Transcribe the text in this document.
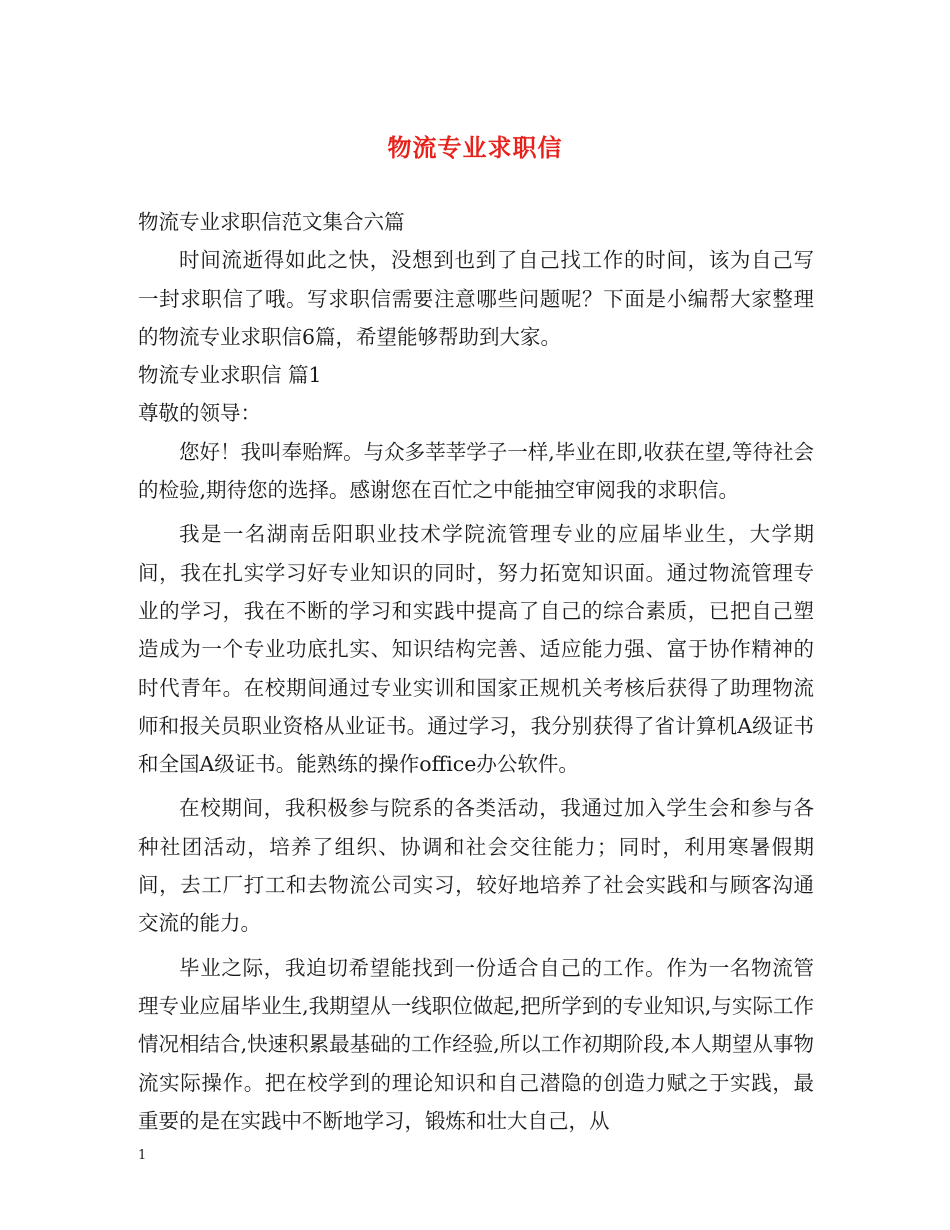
物流专业求职信

物流专业求职信范文集合六篇

时间流逝得如此之快，没想到也到了自己找工作的时间，该为自己写一封求职信了哦。写求职信需要注意哪些问题呢？下面是小编帮大家整理的物流专业求职信6篇，希望能够帮助到大家。

物流专业求职信 篇1

尊敬的领导：

您好！我叫奉贻辉。与众多莘莘学子一样,毕业在即,收获在望,等待社会的检验,期待您的选择。感谢您在百忙之中能抽空审阅我的求职信。

我是一名湖南岳阳职业技术学院流管理专业的应届毕业生，大学期间，我在扎实学习好专业知识的同时，努力拓宽知识面。通过物流管理专业的学习，我在不断的学习和实践中提高了自己的综合素质，已把自己塑造成为一个专业功底扎实、知识结构完善、适应能力强、富于协作精神的时代青年。在校期间通过专业实训和国家正规机关考核后获得了助理物流师和报关员职业资格从业证书。通过学习，我分别获得了省计算机A级证书和全国A级证书。能熟练的操作office办公软件。

在校期间，我积极参与院系的各类活动，我通过加入学生会和参与各种社团活动，培养了组织、协调和社会交往能力；同时，利用寒暑假期间，去工厂打工和去物流公司实习，较好地培养了社会实践和与顾客沟通交流的能力。

毕业之际，我迫切希望能找到一份适合自己的工作。作为一名物流管理专业应届毕业生,我期望从一线职位做起,把所学到的专业知识,与实际工作情况相结合,快速积累最基础的工作经验,所以工作初期阶段,本人期望从事物流实际操作。把在校学到的理论知识和自己潜隐的创造力赋之于实践，最重要的是在实践中不断地学习，锻炼和壮大自己，从

1
